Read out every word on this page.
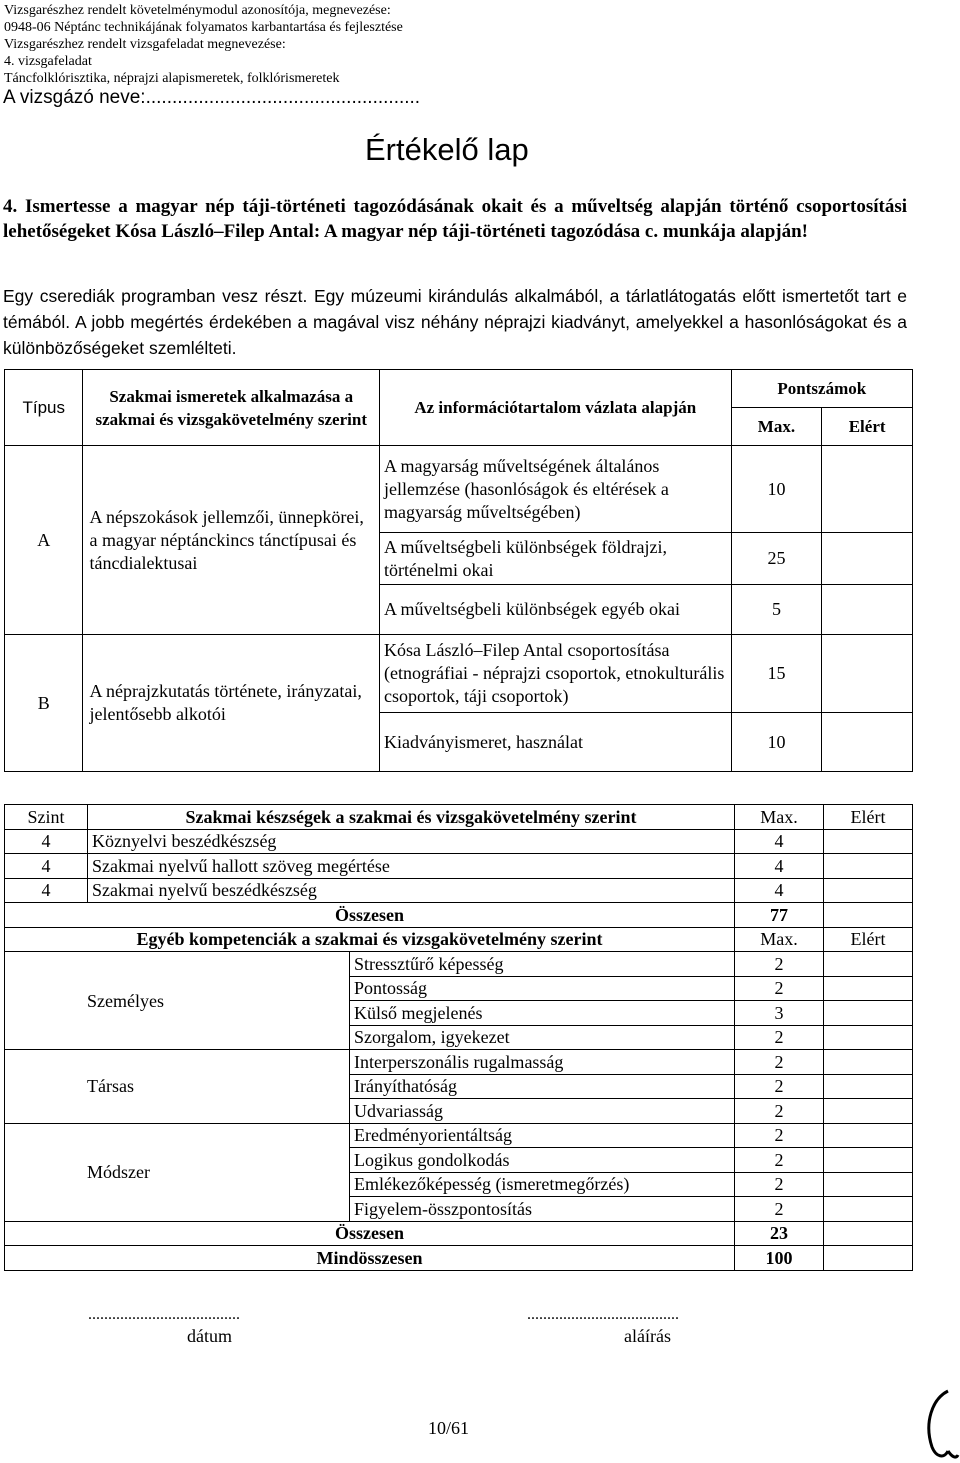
Vizsgarészhez rendelt követelménymodul azonosítója, megnevezése:
0948-06 Néptánc technikájának folyamatos karbantartása és fejlesztése
Vizsgarészhez rendelt vizsgafeladat megnevezése:
4. vizsgafeladat
Táncfolklórisztika, néprajzi alapismeretek, folklórismeretek
A vizsgázó neve:....................................................
Értékelő lap
4. Ismertesse a magyar nép táji-történeti tagozódásának okait és a műveltség alapján történő csoportosítási lehetőségeket Kósa László–Filep Antal: A magyar nép táji-történeti tagozódása c. munkája alapján!
Egy cserediák programban vesz részt. Egy múzeumi kirándulás alkalmából, a tárlatlátogatás előtt ismertetőt tart e témából. A jobb megértés érdekében a magával visz néhány néprajzi kiadványt, amelyekkel a hasonlóságokat és a különbözőségeket szemlélteti.
Típus	Szakmai ismeretek alkalmazása a szakmai és vizsgakövetelmény szerint	Az információtartalom vázlata alapján	Pontszámok	
			Max.	Elért
A	A népszokások jellemzői, ünnepkörei, a magyar néptánckincs tánctípusai és táncdialektusai	A magyarság műveltségének általános jellemzése (hasonlóságok és eltérések a magyarság műveltségében)	10	
		A műveltségbeli különbségek földrajzi, történelmi okai	25	
		A műveltségbeli különbségek egyéb okai	5	
B	A néprajzkutatás története, irányzatai, jelentősebb alkotói	Kósa László–Filep Antal csoportosítása (etnográfiai - néprajzi csoportok, etnokulturális csoportok, táji csoportok)	15	
		Kiadványismeret, használat	10	
Szint	Szakmai készségek a szakmai és vizsgakövetelmény szerint		Max.	Elért
4	Köznyelvi beszédkészség		4	
4	Szakmai nyelvű hallott szöveg megértése		4	
4	Szakmai nyelvű beszédkészség		4	
Összesen			77	
Egyéb kompetenciák a szakmai és vizsgakövetelmény szerint			Max.	Elért
Személyes		Stressztűrő képesség	2	
		Pontosság	2	
		Külső megjelenés	3	
		Szorgalom, igyekezet	2	
Társas		Interperszonális rugalmasság	2	
		Irányíthatóság	2	
		Udvariasság	2	
Módszer		Eredményorientáltság	2	
		Logikus gondolkodás	2	
		Emlékezőképesség (ismeretmegőrzés)	2	
		Figyelem-összpontosítás	2	
Összesen			23	
Mindösszesen			100	
......................................	......................................
dátum	aláírás
10/61
